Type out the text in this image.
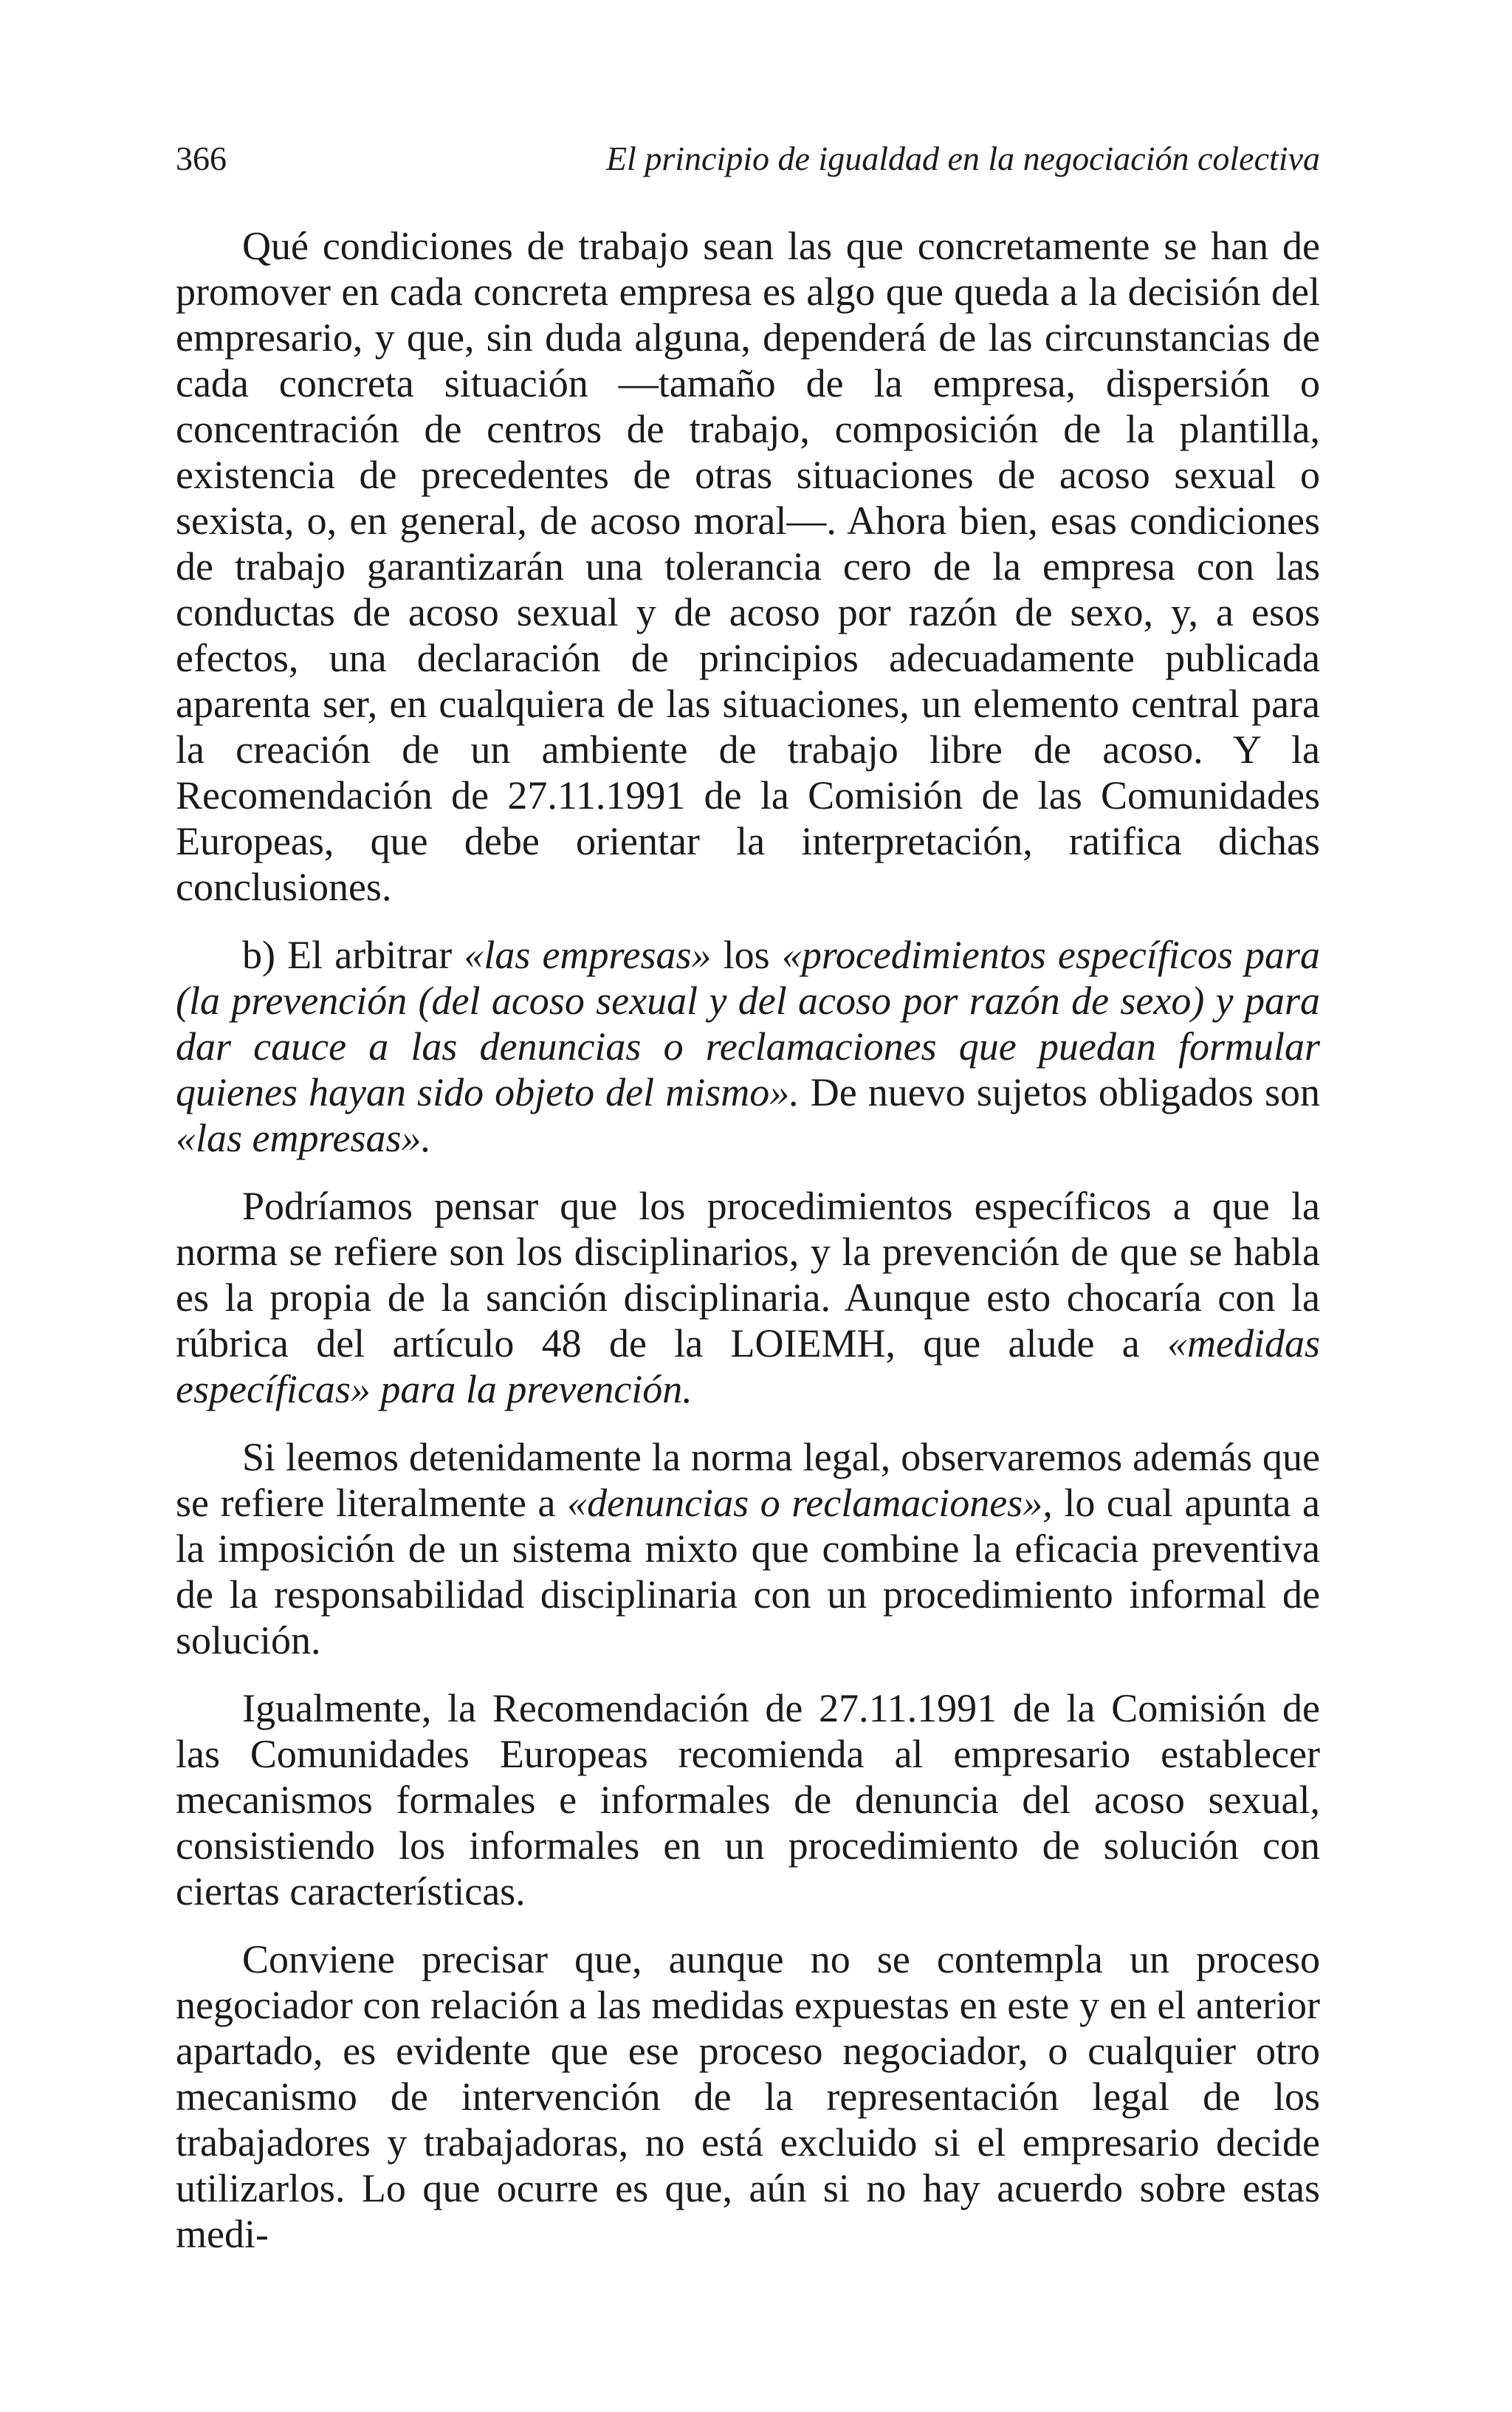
366	El principio de igualdad en la negociación colectiva

Qué condiciones de trabajo sean las que concretamente se han de promover en cada concreta empresa es algo que queda a la decisión del empresario, y que, sin duda alguna, dependerá de las circunstancias de cada concreta situación —tamaño de la empresa, dispersión o concentración de centros de trabajo, composición de la plantilla, existencia de precedentes de otras situaciones de acoso sexual o sexista, o, en general, de acoso moral—. Ahora bien, esas condiciones de trabajo garantizarán una tolerancia cero de la empresa con las conductas de acoso sexual y de acoso por razón de sexo, y, a esos efectos, una declaración de principios adecuadamente publicada aparenta ser, en cualquiera de las situaciones, un elemento central para la creación de un ambiente de trabajo libre de acoso. Y la Recomendación de 27.11.1991 de la Comisión de las Comunidades Europeas, que debe orientar la interpretación, ratifica dichas conclusiones.

b) El arbitrar «las empresas» los «procedimientos específicos para (la prevención (del acoso sexual y del acoso por razón de sexo) y para dar cauce a las denuncias o reclamaciones que puedan formular quienes hayan sido objeto del mismo». De nuevo sujetos obligados son «las empresas».

Podríamos pensar que los procedimientos específicos a que la norma se refiere son los disciplinarios, y la prevención de que se habla es la propia de la sanción disciplinaria. Aunque esto chocaría con la rúbrica del artículo 48 de la LOIEMH, que alude a «medidas específicas» para la prevención.

Si leemos detenidamente la norma legal, observaremos además que se refiere literalmente a «denuncias o reclamaciones», lo cual apunta a la imposición de un sistema mixto que combine la eficacia preventiva de la responsabilidad disciplinaria con un procedimiento informal de solución.

Igualmente, la Recomendación de 27.11.1991 de la Comisión de las Comunidades Europeas recomienda al empresario establecer mecanismos formales e informales de denuncia del acoso sexual, consistiendo los informales en un procedimiento de solución con ciertas características.

Conviene precisar que, aunque no se contempla un proceso negociador con relación a las medidas expuestas en este y en el anterior apartado, es evidente que ese proceso negociador, o cualquier otro mecanismo de intervención de la representación legal de los trabajadores y trabajadoras, no está excluido si el empresario decide utilizarlos. Lo que ocurre es que, aún si no hay acuerdo sobre estas medi-
